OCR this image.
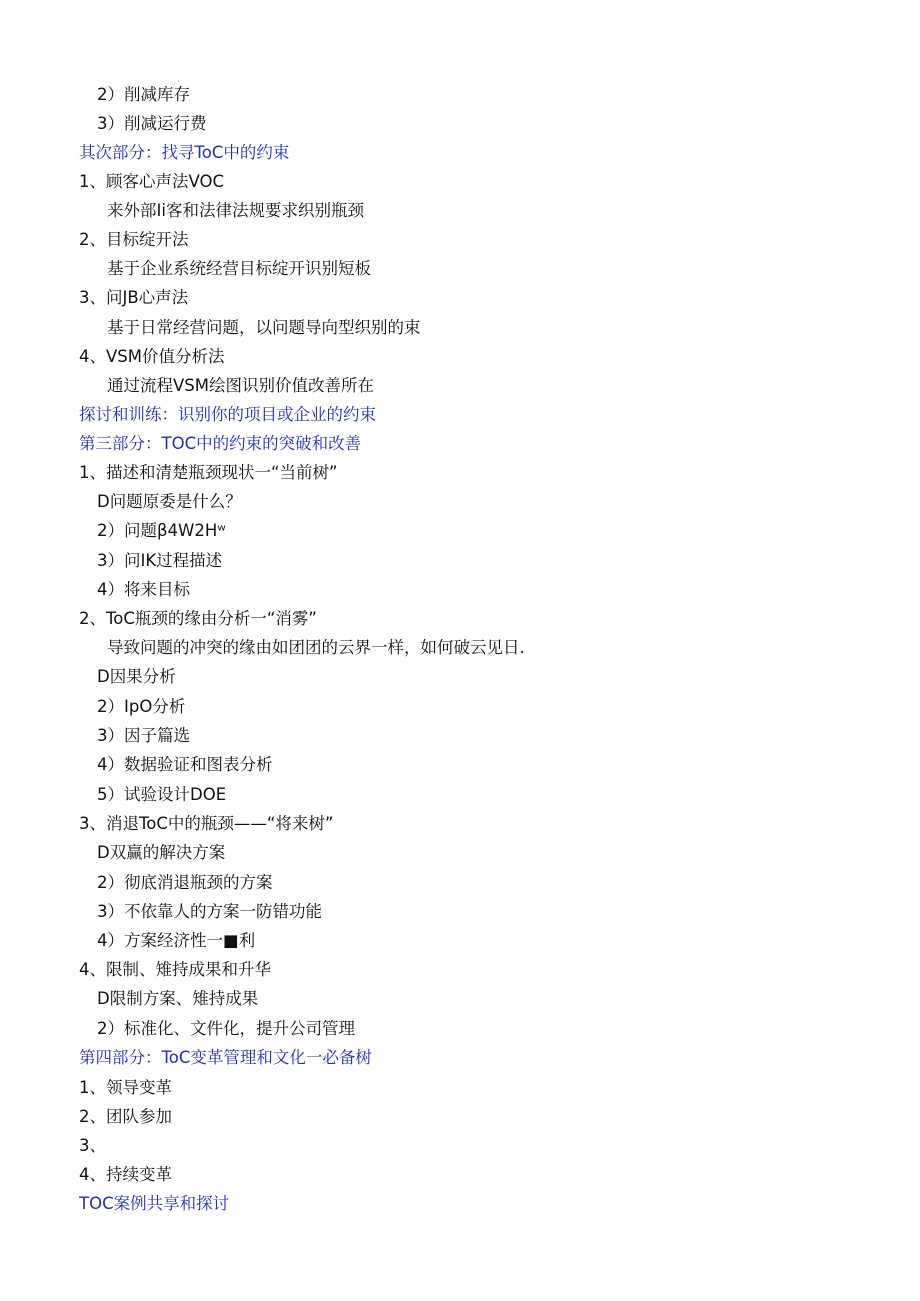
2）削减库存
3）削减运行费
其次部分：找寻ToC中的约束
1、顾客心声法VOC
来外部Ii客和法律法规要求织别瓶颈
2、目标绽开法
基于企业系统经营目标绽开识别短板
3、问JB心声法
基于日常经营问题，以问题导向型织别的束
4、VSM价值分析法
通过流程VSM绘图识别价值改善所在
探讨和训练：识别你的项目或企业的约束
第三部分：TOC中的约束的突破和改善
1、描述和清楚瓶颈现状一“当前树”
D问题原委是什么？
2）问题β4W2Hʷ
3）问IK过程描述
4）将来目标
2、ToC瓶颈的缘由分析一“消雾”
导致问题的冲突的缘由如团团的云界一样，如何破云见日.
D因果分析
2）IpO分析
3）因子篇选
4）数据验证和图表分析
5）试验设计DOE
3、消退ToC中的瓶颈——“将来树”
D双赢的解决方案
2）彻底消退瓶颈的方案
3）不依靠人的方案一防错功能
4）方案经济性一■利
4、限制、雉持成果和升华
D限制方案、雉持成果
2）标准化、文件化，提升公司管理
第四部分：ToC变革管理和文化一必备树
1、领导变革
2、团队参加
3、
4、持续变革
TOC案例共享和探讨
